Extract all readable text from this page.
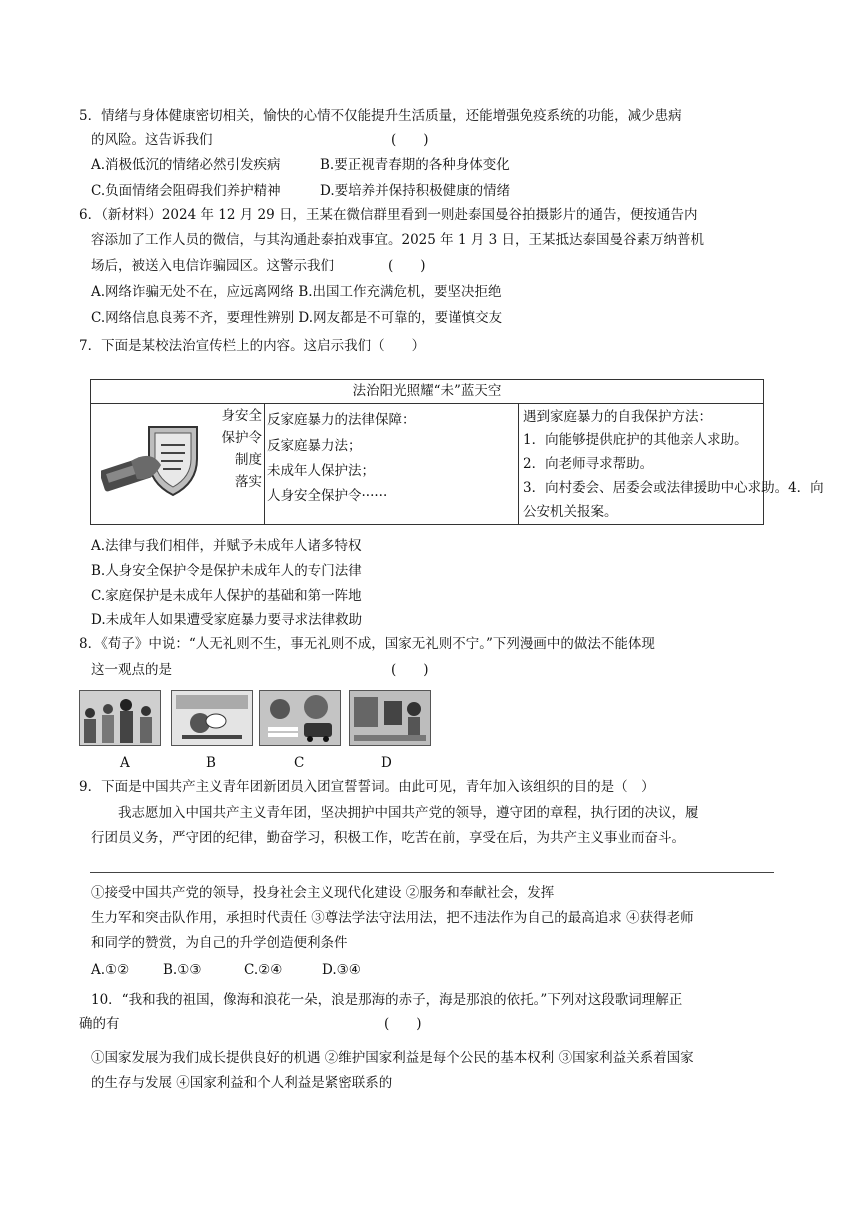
5．情绪与身体健康密切相关，愉快的心情不仅能提升生活质量，还能增强免疫系统的功能，减少患病
的风险。这告诉我们	(　　)
A.消极低沉的情绪必然引发疾病	B.要正视青春期的各种身体变化
C.负面情绪会阻碍我们养护精神	D.要培养并保持积极健康的情绪
6．（新材料）2024 年 12 月 29 日，王某在微信群里看到一则赴泰国曼谷拍摄影片的通告，便按通告内
容添加了工作人员的微信，与其沟通赴泰拍戏事宜。2025 年 1 月 3 日，王某抵达泰国曼谷素万纳普机
场后，被送入电信诈骗园区。这警示我们	(　　)
A.网络诈骗无处不在，应远离网络 B.出国工作充满危机，要坚决拒绝
C.网络信息良莠不齐，要理性辨别 D.网友都是不可靠的，要谨慎交友
7．下面是某校法治宣传栏上的内容。这启示我们（　　）
法治阳光照耀“未”蓝天空
身安全
保护令
制度
落实
反家庭暴力的法律保障：
反家庭暴力法；
未成年人保护法；
人身安全保护令······
遇到家庭暴力的自我保护方法：
1．向能够提供庇护的其他亲人求助。
2．向老师寻求帮助。
3．向村委会、居委会或法律援助中心求助。4．向
公安机关报案。
A.法律与我们相伴，并赋予未成年人诸多特权
B.人身安全保护令是保护未成年人的专门法律
C.家庭保护是未成年人保护的基础和第一阵地
D.未成年人如果遭受家庭暴力要寻求法律救助
8．《荀子》中说：“人无礼则不生，事无礼则不成，国家无礼则不宁。”下列漫画中的做法不能体现
这一观点的是	(　　)
A	B	C	D
9．下面是中国共产主义青年团新团员入团宣誓誓词。由此可见，青年加入该组织的目的是（　）
我志愿加入中国共产主义青年团，坚决拥护中国共产党的领导，遵守团的章程，执行团的决议，履
行团员义务，严守团的纪律，勤奋学习，积极工作，吃苦在前，享受在后，为共产主义事业而奋斗。
①接受中国共产党的领导，投身社会主义现代化建设 ②服务和奉献社会，发挥
生力军和突击队作用，承担时代责任 ③尊法学法守法用法，把不违法作为自己的最高追求 ④获得老师
和同学的赞赏，为自己的升学创造便利条件
A.①②	B.①③	C.②④	D.③④
10．“我和我的祖国，像海和浪花一朵，浪是那海的赤子，海是那浪的依托。”下列对这段歌词理解正
确的有	(　　)
①国家发展为我们成长提供良好的机遇 ②维护国家利益是每个公民的基本权利 ③国家利益关系着国家
的生存与发展 ④国家利益和个人利益是紧密联系的
